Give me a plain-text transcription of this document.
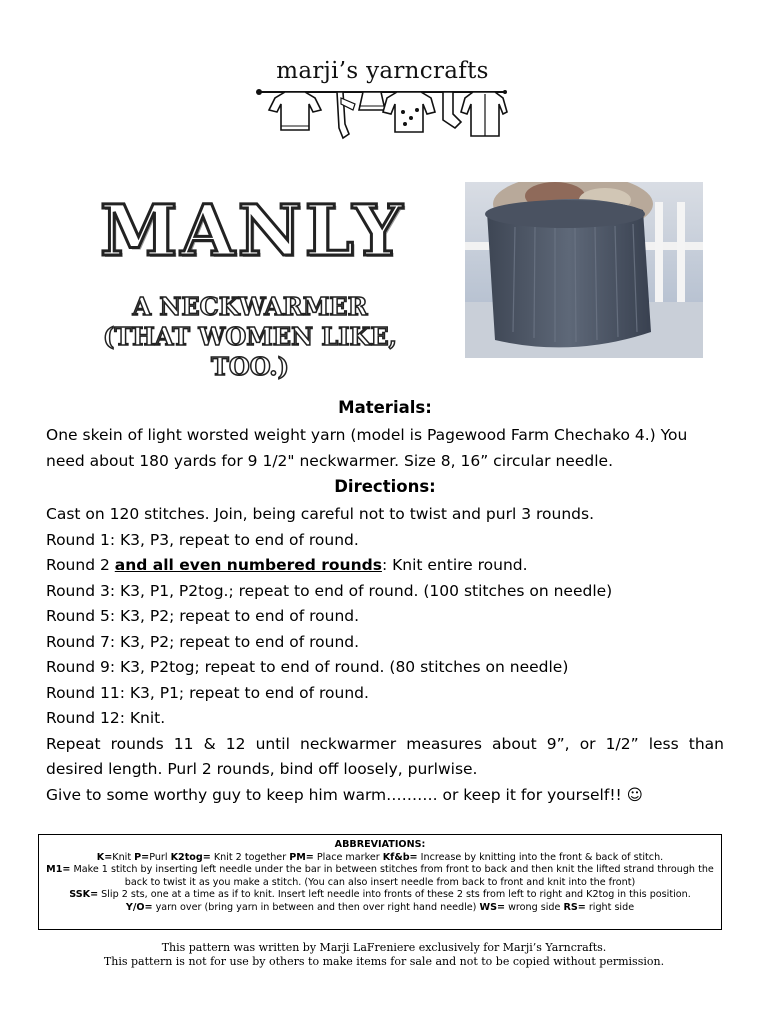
marji’s yarncrafts
MANLY
A NECKWARMER (THAT WOMEN LIKE, TOO.)
Materials:

One skein of light worsted weight yarn (model is Pagewood Farm Chechako 4.) You need about 180 yards for 9 1/2" neckwarmer. Size 8, 16” circular needle.

Directions:

Cast on 120 stitches. Join, being careful not to twist and purl 3 rounds.

Round 1: K3, P3, repeat to end of round.

Round 2 and all even numbered rounds: Knit entire round.

Round 3: K3, P1, P2tog.; repeat to end of round. (100 stitches on needle)

Round 5: K3, P2; repeat to end of round.

Round 7: K3, P2; repeat to end of round.

Round 9: K3, P2tog; repeat to end of round. (80 stitches on needle)

Round 11: K3, P1; repeat to end of round.

Round 12: Knit.

Repeat rounds 11 & 12 until neckwarmer measures about 9”, or 1/2” less than

desired length. Purl 2 rounds, bind off loosely, purlwise.

Give to some worthy guy to keep him warm………. or keep it for yourself!! ☺

ABBREVIATIONS:
K=Knit P=Purl K2tog= Knit 2 together PM= Place marker Kf&b= Increase by knitting into the front & back of stitch.
M1= Make 1 stitch by inserting left needle under the bar in between stitches from front to back and then knit the lifted strand through the back to twist it as you make a stitch. (You can also insert needle from back to front and knit into the front)
SSK= Slip 2 sts, one at a time as if to knit. Insert left needle into fronts of these 2 sts from left to right and K2tog in this position.
Y/O= yarn over (bring yarn in between and then over right hand needle) WS= wrong side RS= right side
This pattern was written by Marji LaFreniere exclusively for Marji’s Yarncrafts.
This pattern is not for use by others to make items for sale and not to be copied without permission.
